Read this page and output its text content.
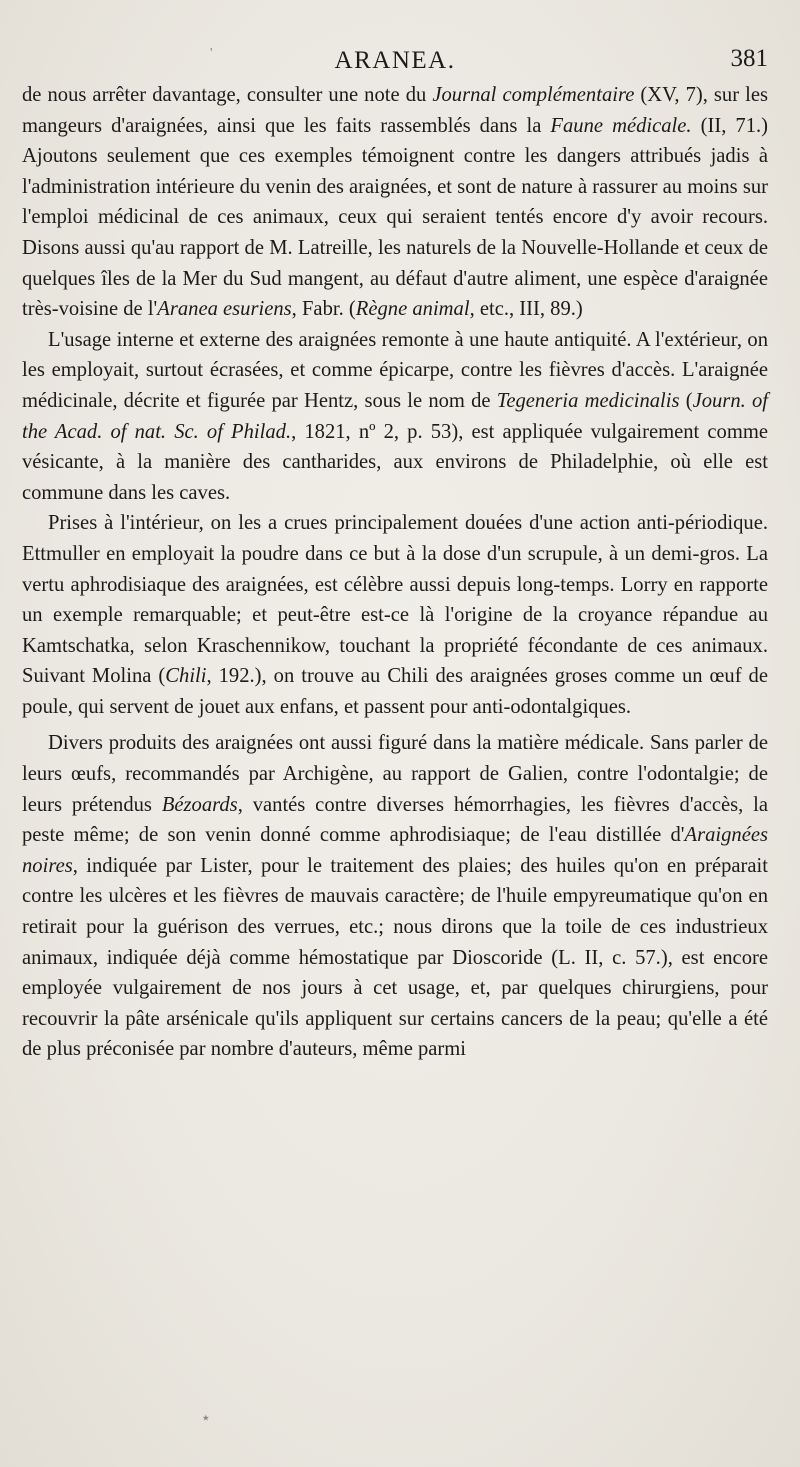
ARANEA.	381

de nous arrêter davantage, consulter une note du Journal complémentaire (XV, 7), sur les mangeurs d'araignées, ainsi que les faits rassemblés dans la Faune médicale. (II, 71.) Ajoutons seulement que ces exemples témoignent contre les dangers attribués jadis à l'administration intérieure du venin des araignées, et sont de nature à rassurer au moins sur l'emploi médicinal de ces animaux, ceux qui seraient tentés encore d'y avoir recours. Disons aussi qu'au rapport de M. Latreille, les naturels de la Nouvelle-Hollande et ceux de quelques îles de la Mer du Sud mangent, au défaut d'autre aliment, une espèce d'araignée très-voisine de l'Aranea esuriens, Fabr. (Règne animal, etc., III, 89.)

L'usage interne et externe des araignées remonte à une haute antiquité. A l'extérieur, on les employait, surtout écrasées, et comme épicarpe, contre les fièvres d'accès. L'araignée médicinale, décrite et figurée par Hentz, sous le nom de Tegeneria medicinalis (Journ. of the Acad. of nat. Sc. of Philad., 1821, nº 2, p. 53), est appliquée vulgairement comme vésicante, à la manière des cantharides, aux environs de Philadelphie, où elle est commune dans les caves.

Prises à l'intérieur, on les a crues principalement douées d'une action anti-périodique. Ettmuller en employait la poudre dans ce but à la dose d'un scrupule, à un demi-gros. La vertu aphrodisiaque des araignées, est célèbre aussi depuis long-temps. Lorry en rapporte un exemple remarquable; et peut-être est-ce là l'origine de la croyance répandue au Kamtschatka, selon Kraschennikow, touchant la propriété fécondante de ces animaux. Suivant Molina (Chili, 192.), on trouve au Chili des araignées groses comme un œuf de poule, qui servent de jouet aux enfans, et passent pour anti-odontalgiques.

Divers produits des araignées ont aussi figuré dans la matière médicale. Sans parler de leurs œufs, recommandés par Archigène, au rapport de Galien, contre l'odontalgie; de leurs prétendus Bézoards, vantés contre diverses hémorrhagies, les fièvres d'accès, la peste même; de son venin donné comme aphrodisiaque; de l'eau distillée d'Araignées noires, indiquée par Lister, pour le traitement des plaies; des huiles qu'on en préparait contre les ulcères et les fièvres de mauvais caractère; de l'huile empyreumatique qu'on en retirait pour la guérison des verrues, etc.; nous dirons que la toile de ces industrieux animaux, indiquée déjà comme hémostatique par Dioscoride (L. II, c. 57.), est encore employée vulgairement de nos jours à cet usage, et, par quelques chirurgiens, pour recouvrir la pâte arsénicale qu'ils appliquent sur certains cancers de la peau; qu'elle a été de plus préconisée par nombre d'auteurs, même parmi

'
٭
